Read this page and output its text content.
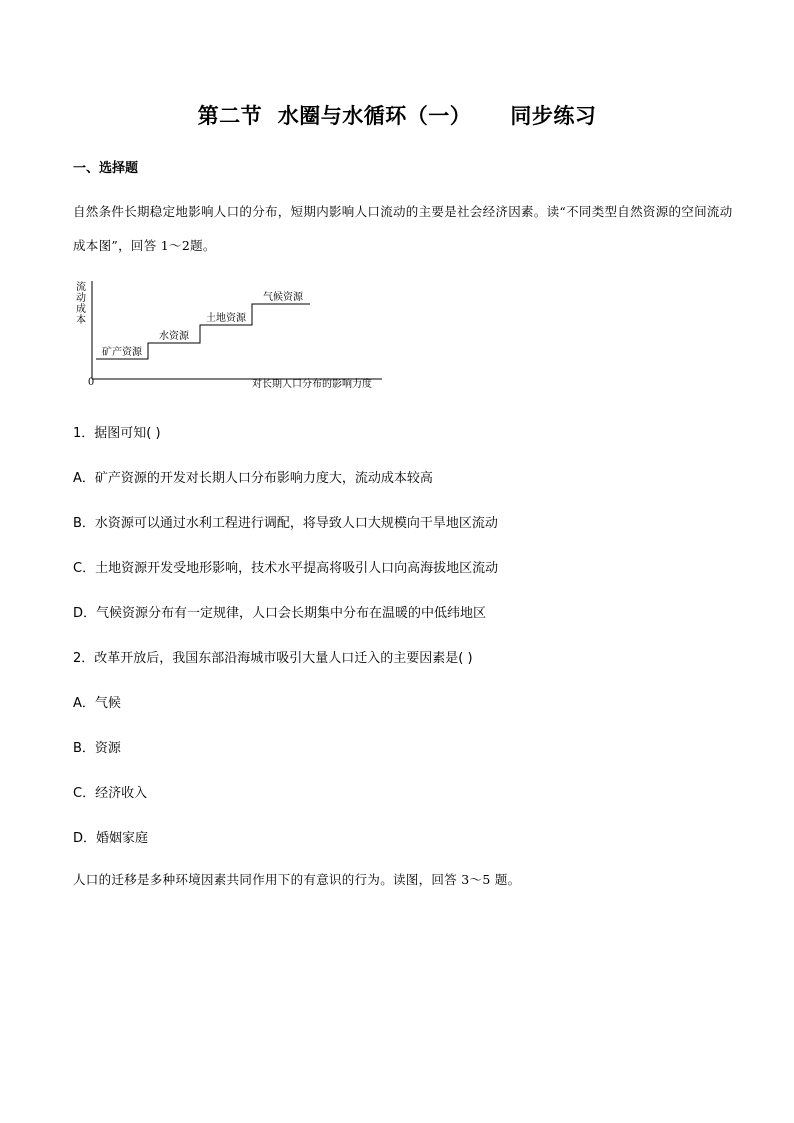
第二节  水圈与水循环（一）     同步练习
一、选择题
自然条件长期稳定地影响人口的分布，短期内影响人口流动的主要是社会经济因素。读“不同类型自然资源的空间流动成本图”，回答 1～2题。
流
动
成
本
0	对长期人口分布的影响力度
矿产资源
水资源
土地资源
气候资源
1．据图可知( )
A．矿产资源的开发对长期人口分布影响力度大，流动成本较高
B．水资源可以通过水利工程进行调配，将导致人口大规模向干旱地区流动
C．土地资源开发受地形影响，技术水平提高将吸引人口向高海拔地区流动
D．气候资源分布有一定规律，人口会长期集中分布在温暖的中低纬地区
2．改革开放后，我国东部沿海城市吸引大量人口迁入的主要因素是( )
A．气候
B．资源
C．经济收入
D．婚姻家庭
人口的迁移是多种环境因素共同作用下的有意识的行为。读图，回答 3～5 题。
